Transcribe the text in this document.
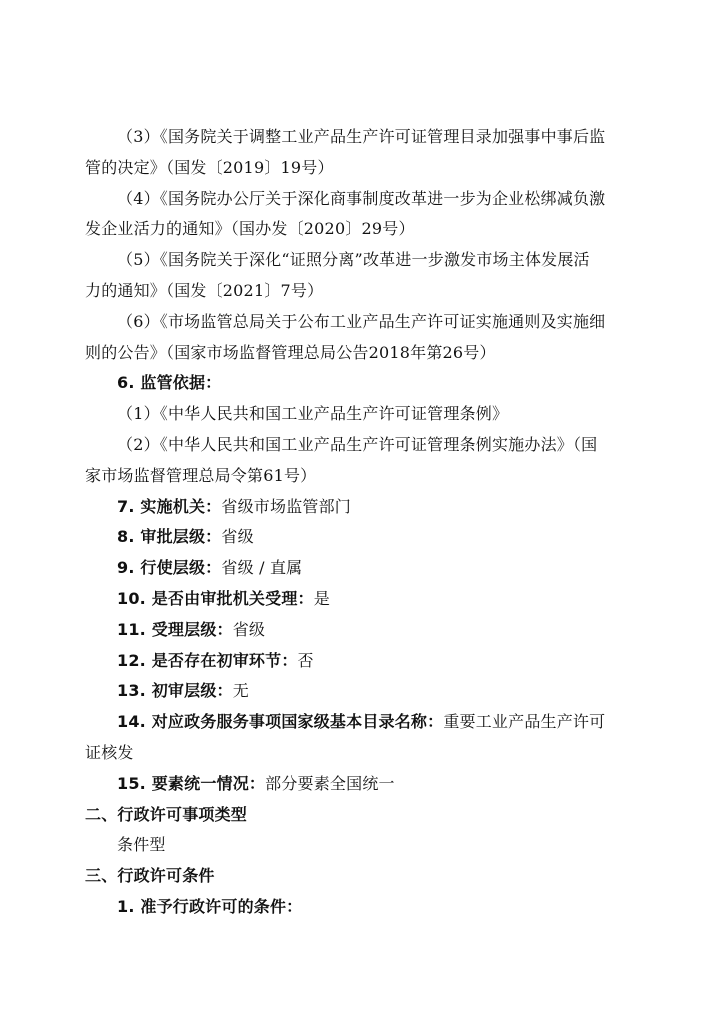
（3）《国务院关于调整工业产品生产许可证管理目录加强事中事后监
管的决定》（国发〔2019〕19号）
（4）《国务院办公厅关于深化商事制度改革进一步为企业松绑减负激
发企业活力的通知》（国办发〔2020〕29号）
（5）《国务院关于深化“证照分离”改革进一步激发市场主体发展活
力的通知》（国发〔2021〕7号）
（6）《市场监管总局关于公布工业产品生产许可证实施通则及实施细
则的公告》（国家市场监督管理总局公告2018年第26号）
6. 监管依据：
（1）《中华人民共和国工业产品生产许可证管理条例》
（2）《中华人民共和国工业产品生产许可证管理条例实施办法》（国
家市场监督管理总局令第61号）
7. 实施机关：省级市场监管部门
8. 审批层级：省级
9. 行使层级：省级 / 直属
10. 是否由审批机关受理：是
11. 受理层级：省级
12. 是否存在初审环节：否
13. 初审层级：无
14. 对应政务服务事项国家级基本目录名称：重要工业产品生产许可
证核发
15. 要素统一情况：部分要素全国统一
二、行政许可事项类型
条件型
三、行政许可条件
1. 准予行政许可的条件：
